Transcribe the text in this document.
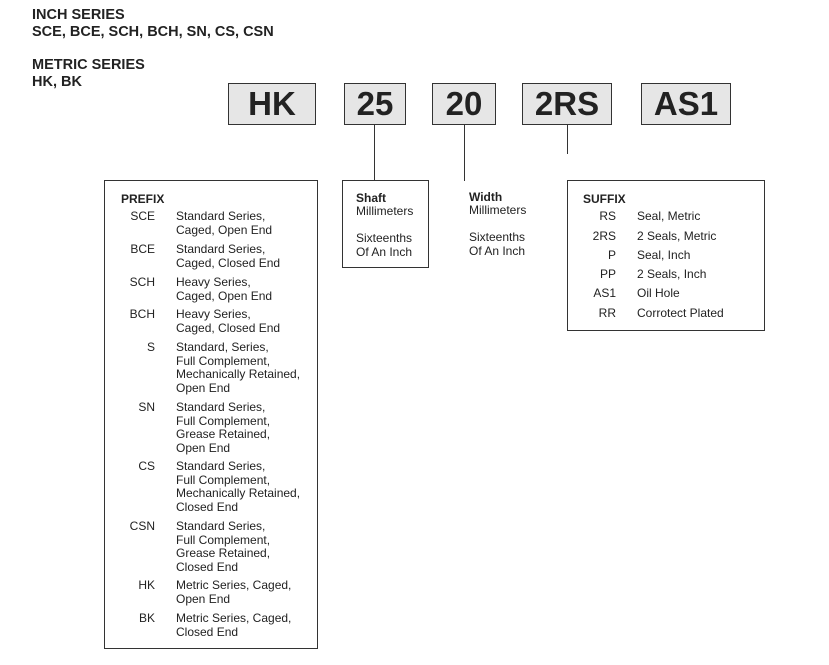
INCH SERIES
SCE, BCE, SCH, BCH, SN, CS, CSN
METRIC SERIES
HK, BK
HK	25	20	2RS	AS1
PREFIX
SCE Standard Series,
Caged, Open End
BCE Standard Series,
Caged, Closed End
SCH Heavy Series,
Caged, Open End
BCH Heavy Series,
Caged, Closed End
S Standard, Series,
Full Complement,
Mechanically Retained,
Open End
SN Standard Series,
Full Complement,
Grease Retained,
Open End
CS Standard Series,
Full Complement,
Mechanically Retained,
Closed End
CSN Standard Series,
Full Complement,
Grease Retained,
Closed End
HK Metric Series, Caged,
Open End
BK Metric Series, Caged,
Closed End
Shaft
Millimeters
Sixteenths
Of An Inch
Width
Millimeters
Sixteenths
Of An Inch
SUFFIX
RS Seal, Metric
2RS 2 Seals, Metric
P Seal, Inch
PP 2 Seals, Inch
AS1 Oil Hole
RR Corrotect Plated
